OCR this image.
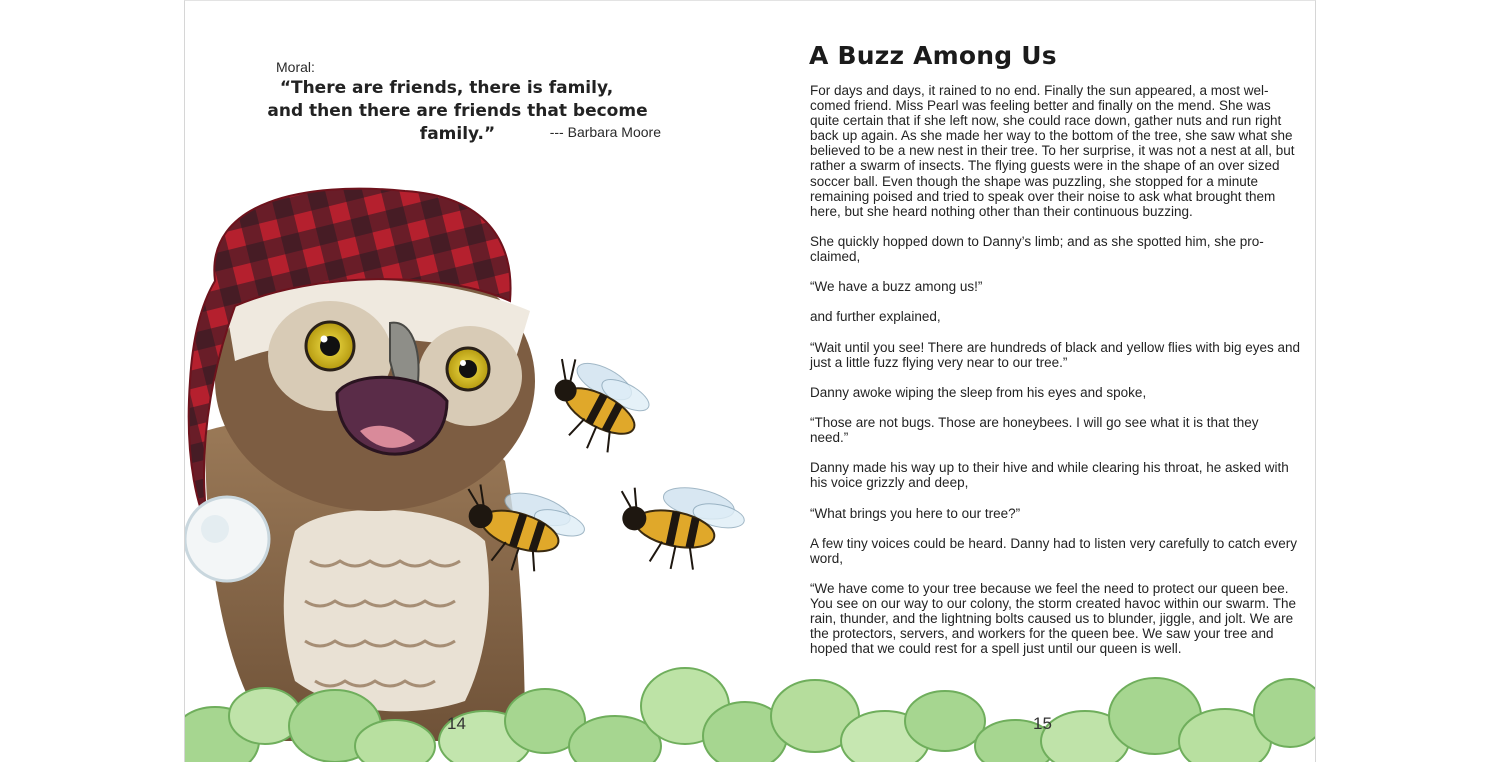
Moral:
“There are friends, there is family,
and then there are friends that become family.”	--- Barbara Moore
A Buzz Among Us

For days and days, it rained to no end. Finally the sun appeared, a most wel-comed friend. Miss Pearl was feeling better and finally on the mend. She was quite certain that if she left now, she could race down, gather nuts and run right back up again. As she made her way to the bottom of the tree, she saw what she believed to be a new nest in their tree. To her surprise, it was not a nest at all, but rather a swarm of insects. The flying guests were in the shape of an over sized soccer ball. Even though the shape was puzzling, she stopped for a minute remaining poised and tried to speak over their noise to ask what brought them here, but she heard nothing other than their continuous buzzing.

She quickly hopped down to Danny’s limb; and as she spotted him, she pro-claimed,

“We have a buzz among us!”

and further explained,

“Wait until you see! There are hundreds of black and yellow flies with big eyes and just a little fuzz flying very near to our tree.”

Danny awoke wiping the sleep from his eyes and spoke,

“Those are not bugs. Those are honeybees. I will go see what it is that they need.”

Danny made his way up to their hive and while clearing his throat, he asked with his voice grizzly and deep,

“What brings you here to our tree?”

A few tiny voices could be heard. Danny had to listen very carefully to catch every word,

“We have come to your tree because we feel the need to protect our queen bee. You see on our way to our colony, the storm created havoc within our swarm. The rain, thunder, and the lightning bolts caused us to blunder, jiggle, and jolt. We are the protectors, servers, and workers for the queen bee. We saw your tree and hoped that we could rest for a spell just until our queen is well.

14	15
